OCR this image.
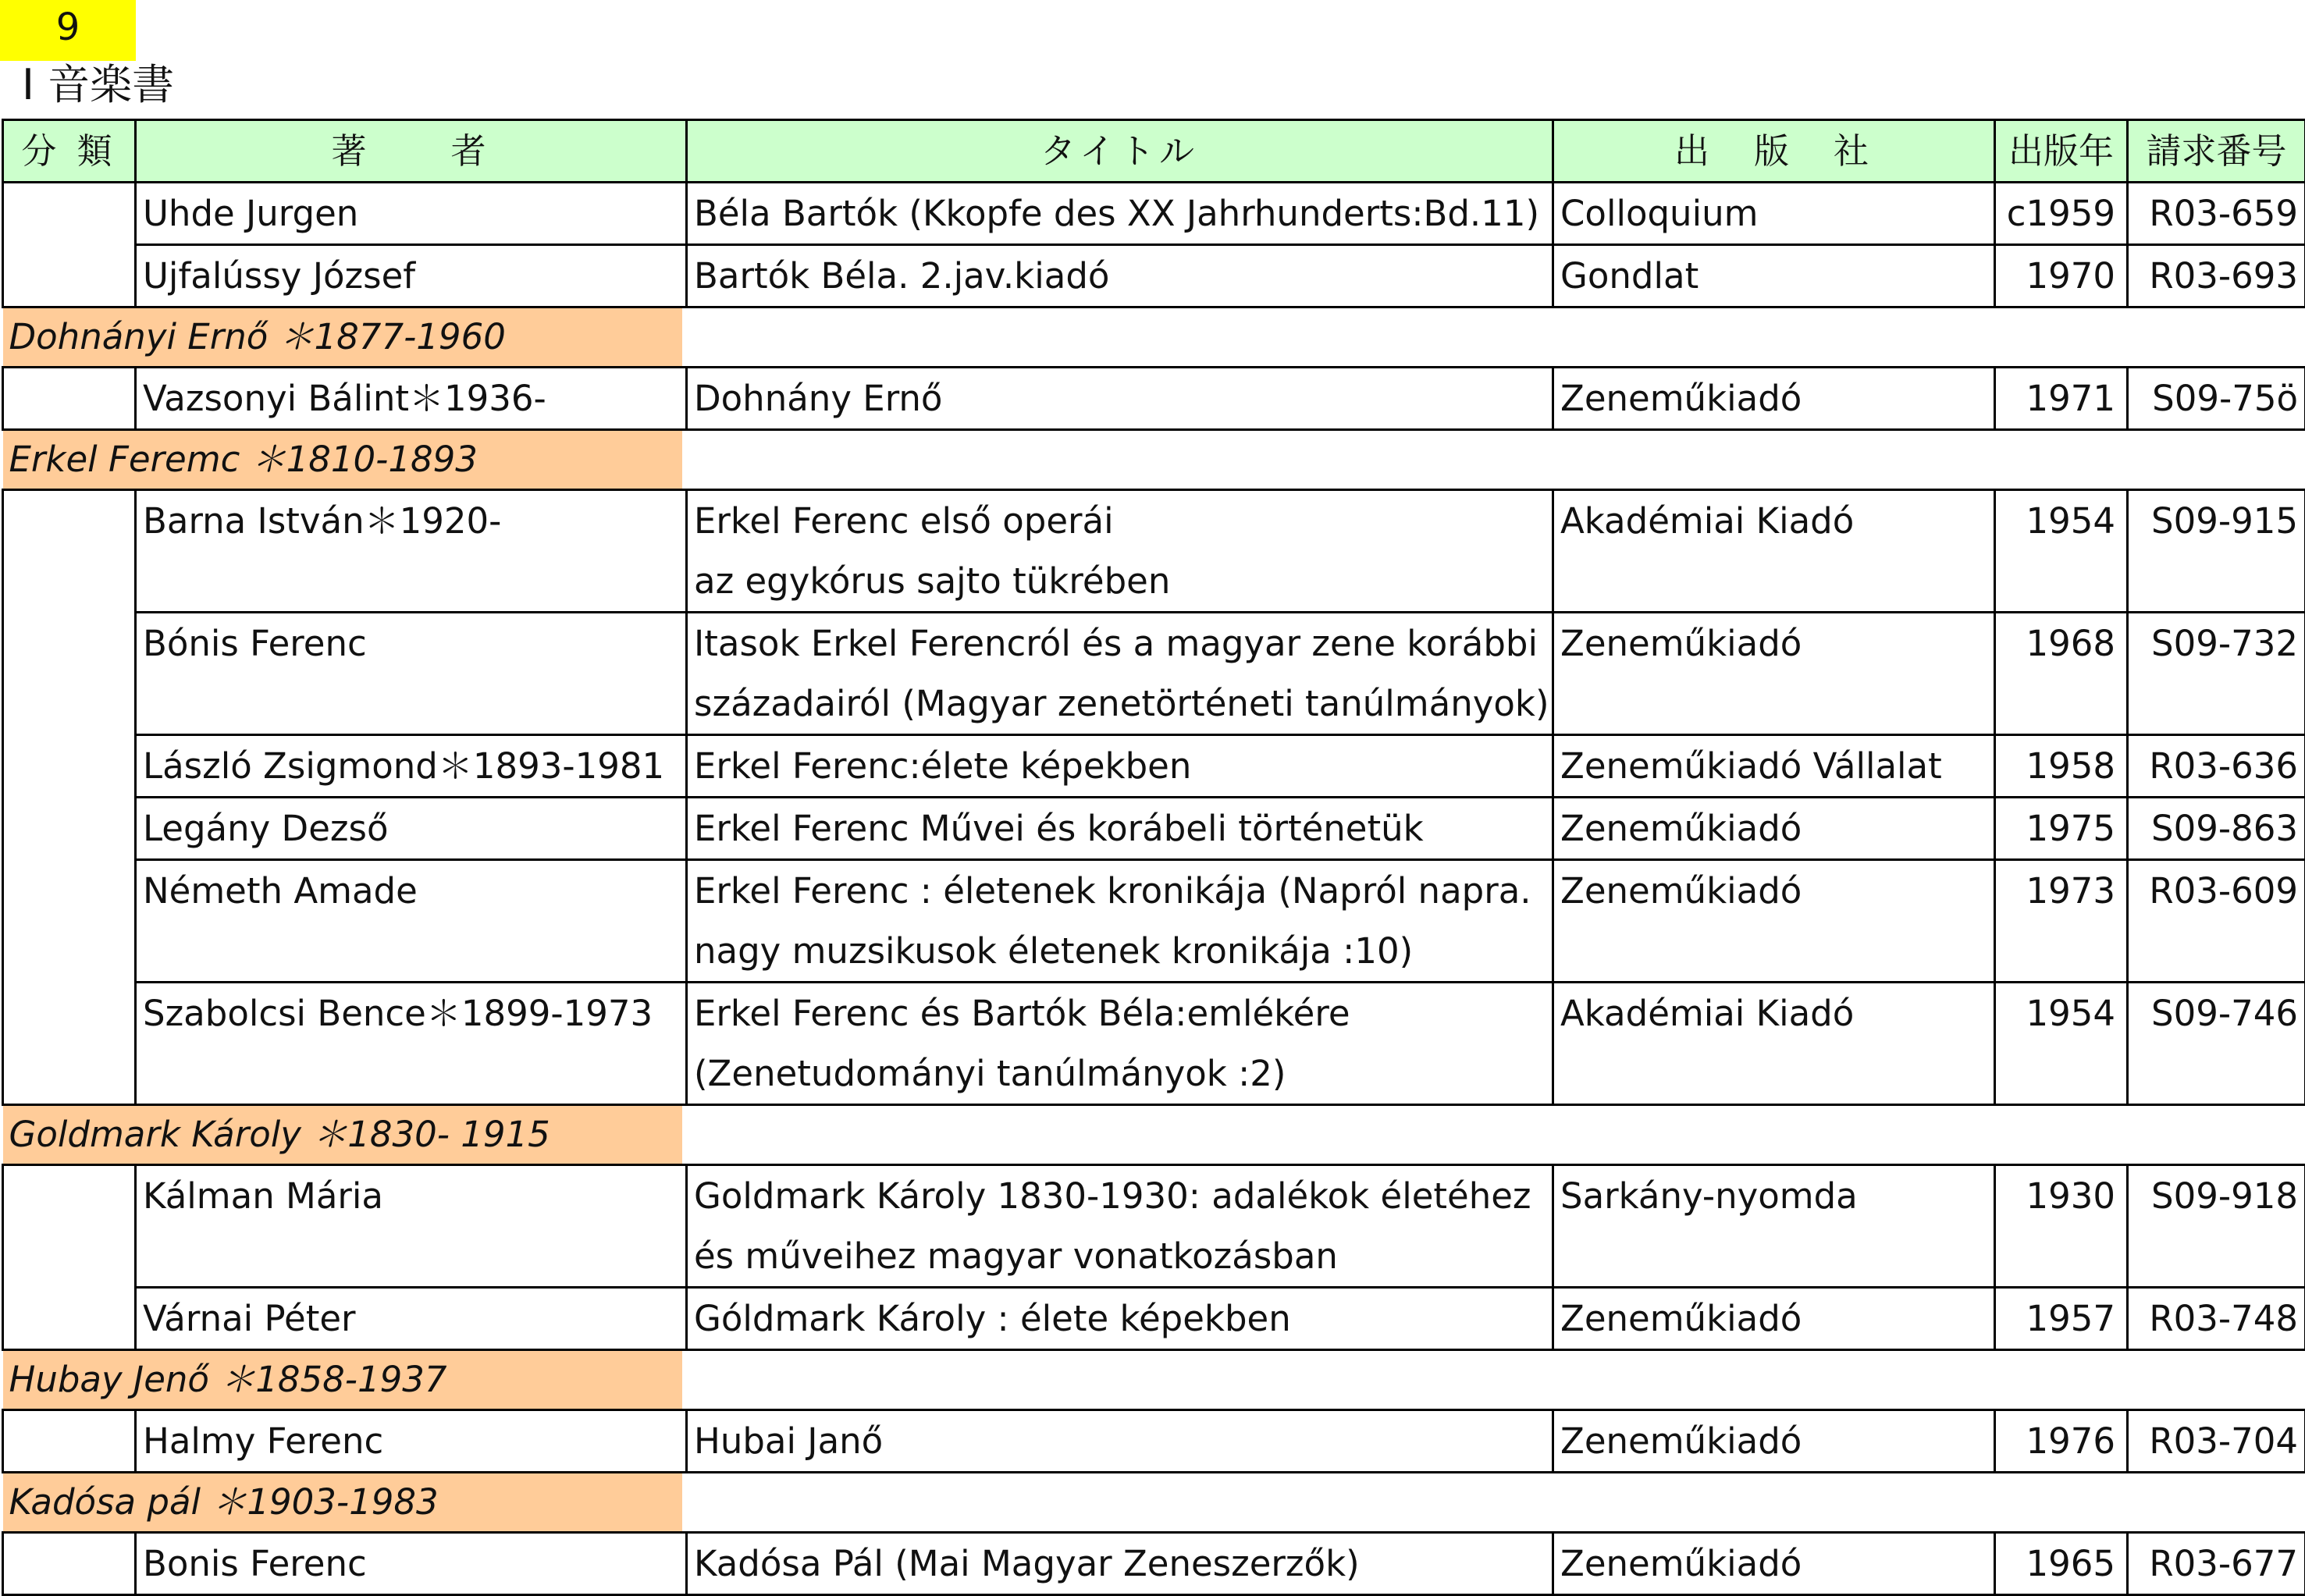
9
Ⅰ 音楽書
分 類	著　　者	タイトル	出　版　社	出版年	請求番号
	Uhde Jurgen	Béla Bartók (Kkopfe des XX Jahrhunderts:Bd.11)	Colloquium	c1959	R03-659
	Ujfalússy József	Bartók Béla. 2.jav.kiadó	Gondlat	1970	R03-693

Dohnányi Ernő ＊1877-1960					

	Vazsonyi Bálint＊1936-	Dohnány Ernő	Zeneműkiadó	1971	S09-75ö

Erkel Feremc ＊1810-1893					

	Barna István＊1920-	Erkel Ferenc első operái
az egykórus sajto tükrében	Akadémiai Kiadó	1954	S09-915
	Bónis Ferenc	Itasok Erkel Ferencról és a magyar zene korábbi
századairól (Magyar zenetörténeti tanúlmányok)	Zeneműkiadó	1968	S09-732
	László Zsigmond＊1893-1981	Erkel Ferenc:élete képekben	Zeneműkiadó Vállalat	1958	R03-636
	Legány Dezső	Erkel Ferenc Művei és korábeli történetük	Zeneműkiadó	1975	S09-863
	Németh Amade	Erkel Ferenc : életenek kronikája (Napról napra.
nagy muzsikusok életenek kronikája :10)	Zeneműkiadó	1973	R03-609
	Szabolcsi Bence＊1899-1973	Erkel Ferenc és Bartók Béla:emlékére
(Zenetudományi tanúlmányok :2)	Akadémiai Kiadó	1954	S09-746

Goldmark Károly ＊1830- 1915					

	Kálman Mária	Goldmark Károly 1830-1930: adalékok életéhez
és műveihez magyar vonatkozásban	Sarkány-nyomda	1930	S09-918
	Várnai Péter	Góldmark Károly : élete képekben	Zeneműkiadó	1957	R03-748

Hubay Jenő ＊1858-1937					

	Halmy Ferenc	Hubai Janő	Zeneműkiadó	1976	R03-704

Kadósa pál ＊1903-1983					

	Bonis Ferenc	Kadósa Pál (Mai Magyar Zeneszerzők)	Zeneműkiadó	1965	R03-677
